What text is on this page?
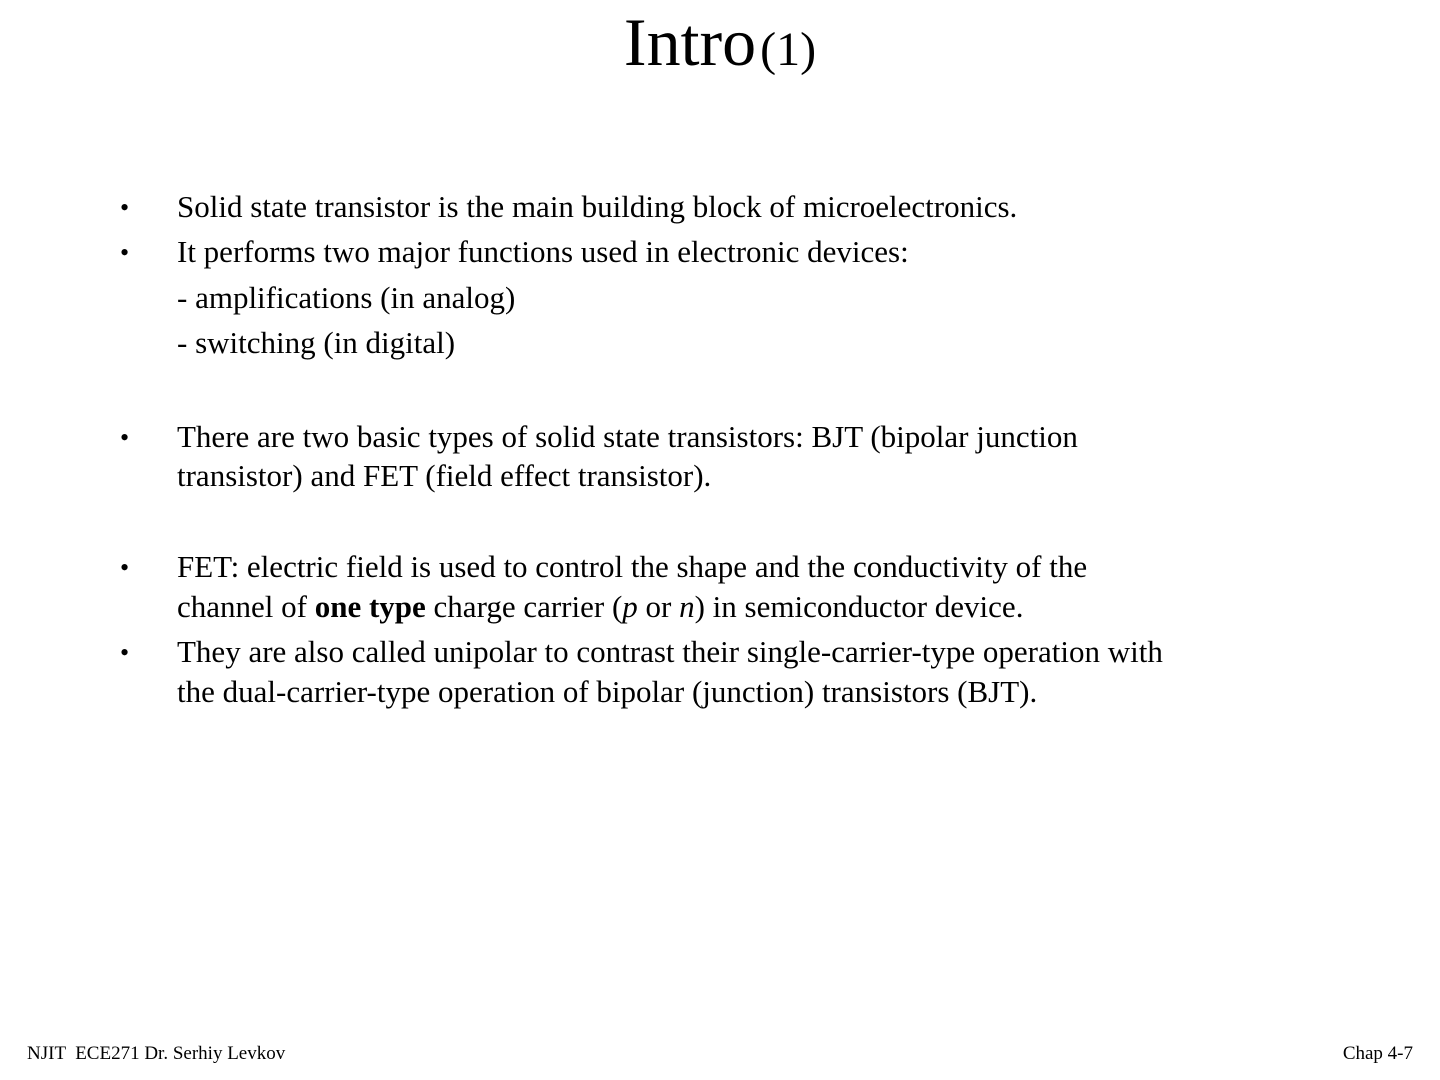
Intro (1)
• Solid state transistor is the main building block of microelectronics.
• It performs two major functions used in electronic devices:
- amplifications (in analog)
- switching (in digital)
• There are two basic types of solid state transistors: BJT (bipolar junction
transistor) and FET (field effect transistor).
• FET: electric field is used to control the shape and the conductivity of the
channel of one type charge carrier (p or n) in semiconductor device.
• They are also called unipolar to contrast their single-carrier-type operation with
the dual-carrier-type operation of bipolar (junction) transistors (BJT).
NJIT  ECE271 Dr. Serhiy Levkov	Chap 4-7
